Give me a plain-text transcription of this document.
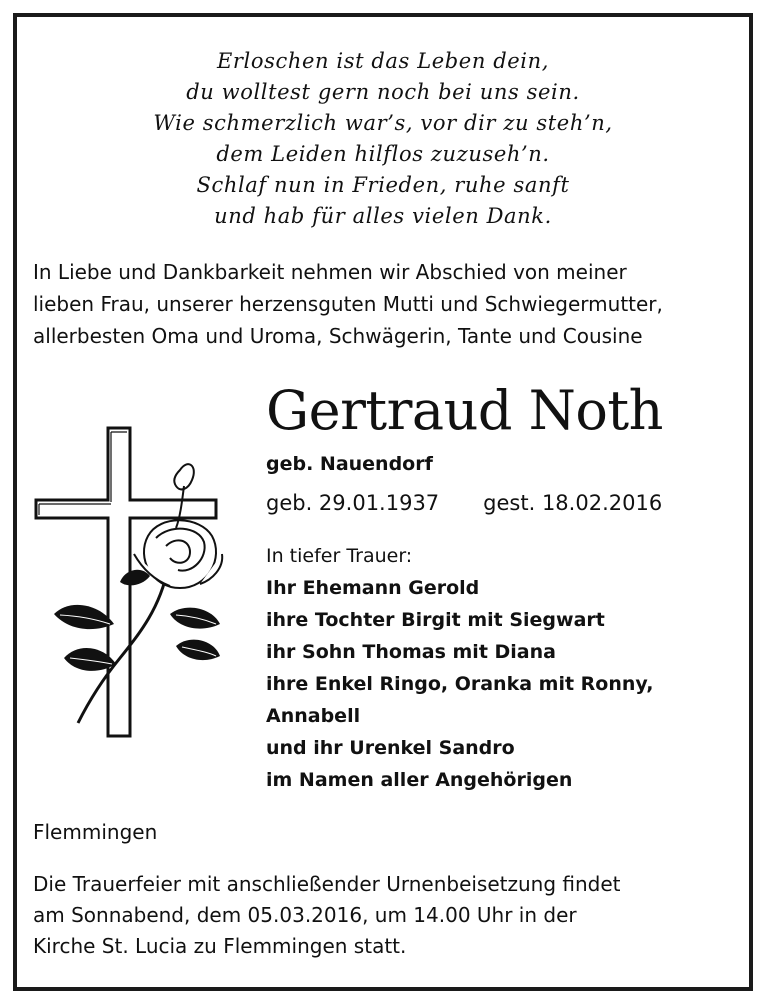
Erloschen ist das Leben dein,
du wolltest gern noch bei uns sein.
Wie schmerzlich war’s, vor dir zu steh’n,
dem Leiden hilflos zuzuseh’n.
Schlaf nun in Frieden, ruhe sanft
und hab für alles vielen Dank.
In Liebe und Dankbarkeit nehmen wir Abschied von meiner
lieben Frau, unserer herzensguten Mutti und Schwiegermutter,
allerbesten Oma und Uroma, Schwägerin, Tante und Cousine
Gertraud Noth
geb. Nauendorf
geb. 29.01.1937 gest. 18.02.2016
In tiefer Trauer:
Ihr Ehemann Gerold
ihre Tochter Birgit mit Siegwart
ihr Sohn Thomas mit Diana
ihre Enkel Ringo, Oranka mit Ronny,
Annabell
und ihr Urenkel Sandro
im Namen aller Angehörigen
Flemmingen
Die Trauerfeier mit anschließender Urnenbeisetzung findet
am Sonnabend, dem 05.03.2016, um 14.00 Uhr in der
Kirche St. Lucia zu Flemmingen statt.
